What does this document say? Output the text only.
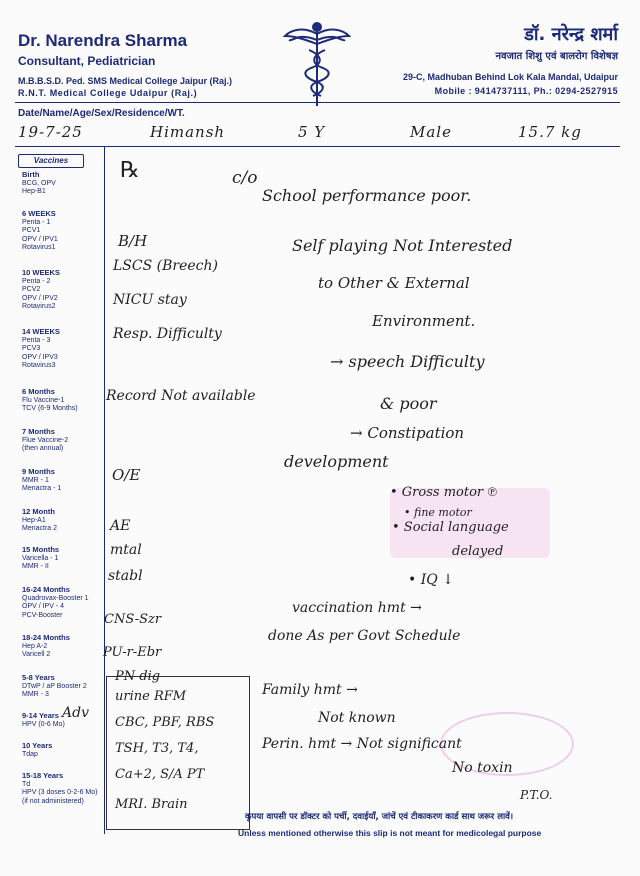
Dr. Narendra Sharma
Consultant, Pediatrician
M.B.B.S.D. Ped. SMS Medical College Jaipur (Raj.)
R.N.T. Medical College Udaipur (Raj.)
डॉ. नरेन्द्र शर्मा
नवजात शिशु एवं बालरोग विशेषज्ञ
29-C, Madhuban Behind Lok Kala Mandal, Udaipur
Mobile : 9414737111, Ph.: 0294-2527915
Date/Name/Age/Sex/Residence/WT.
19-7-25	Himansh	5 Y	Male	15.7 kg
Vaccines
Birth
BCG, OPV
Hep-B1
6 WEEKS
Penta - 1
PCV1
OPV / IPV1
Rotavirus1
10 WEEKS
Penta - 2
PCV2
OPV / IPV2
Rotavirus2
14 WEEKS
Penta - 3
PCV3
OPV / IPV3
Rotavirus3
6 Months
Flu Vaccine-1
TCV (6-9 Months)
7 Months
Flue Vaccine-2
(then annual)
9 Months
MMR - 1
Menactra - 1
12 Month
Hep-A1
Menactra 2
15 Months
Varicella - 1
MMR - II
16-24 Months
Quadrovax-Booster 1
OPV / IPV - 4
PCV-Booster
18-24 Months
Hep A-2
Varicell 2
5-8 Years
DTwP / aP Booster 2
MMR - 3
9-14 Years
HPV (0-6 Mo)
10 Years
Tdap
15-18 Years
Td
HPV (3 doses 0-2-6 Mo)
(if not administered)
℞	c/o
B/H
LSCS (Breech)
NICU stay
Resp. Difficulty
Record Not available
O/E
AE
mtal
stabl
CNS-Szr
PU-r-Ebr
Adv
PN dig
urine RFM
CBC, PBF, RBS
TSH, T3, T4,
Ca+2, S/A PT
MRI. Brain
School performance poor.
Self playing Not Interested
to Other & External
Environment.
→ speech Difficulty
& poor
→ Constipation
development
• Gross motor ℗
• fine motor
• Social language
delayed
• IQ ↓
vaccination hmt →
done As per Govt Schedule
Family hmt →
Not known
Perin. hmt → Not significant
No toxin
P.T.O.
कृपया वापसी पर डॉक्टर को पर्ची, दवाईयाँ, जांचें एवं टीकाकरण कार्ड साथ जरूर लावें।
Unless mentioned otherwise this slip is not meant for medicolegal purpose
